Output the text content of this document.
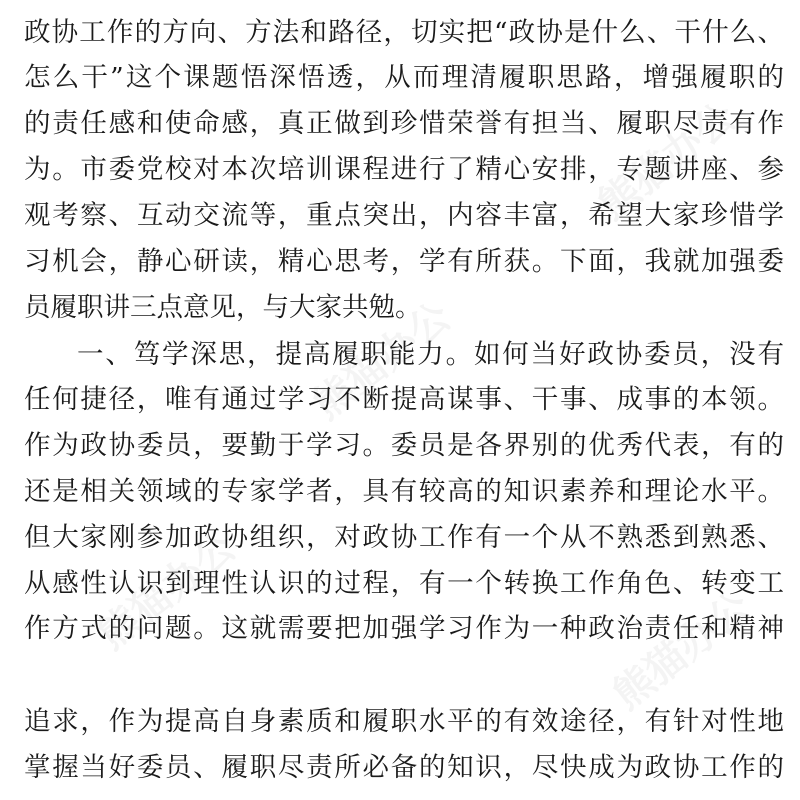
熊猫办公
熊猫办公
熊猫办公
熊猫办公
政协工作的方向、方法和路径，切实把“政协是什么、干什么、
怎么干”这个课题悟深悟透，从而理清履职思路，增强履职的
的责任感和使命感，真正做到珍惜荣誉有担当、履职尽责有作
为。市委党校对本次培训课程进行了精心安排，专题讲座、参
观考察、互动交流等，重点突出，内容丰富，希望大家珍惜学
习机会，静心研读，精心思考，学有所获。下面，我就加强委
员履职讲三点意见，与大家共勉。
一、笃学深思，提高履职能力。如何当好政协委员，没有
任何捷径，唯有通过学习不断提高谋事、干事、成事的本领。
作为政协委员，要勤于学习。委员是各界别的优秀代表，有的
还是相关领域的专家学者，具有较高的知识素养和理论水平。
但大家刚参加政协组织，对政协工作有一个从不熟悉到熟悉、
从感性认识到理性认识的过程，有一个转换工作角色、转变工
作方式的问题。这就需要把加强学习作为一种政治责任和精神
追求，作为提高自身素质和履职水平的有效途径，有针对性地
掌握当好委员、履职尽责所必备的知识，尽快成为政协工作的
